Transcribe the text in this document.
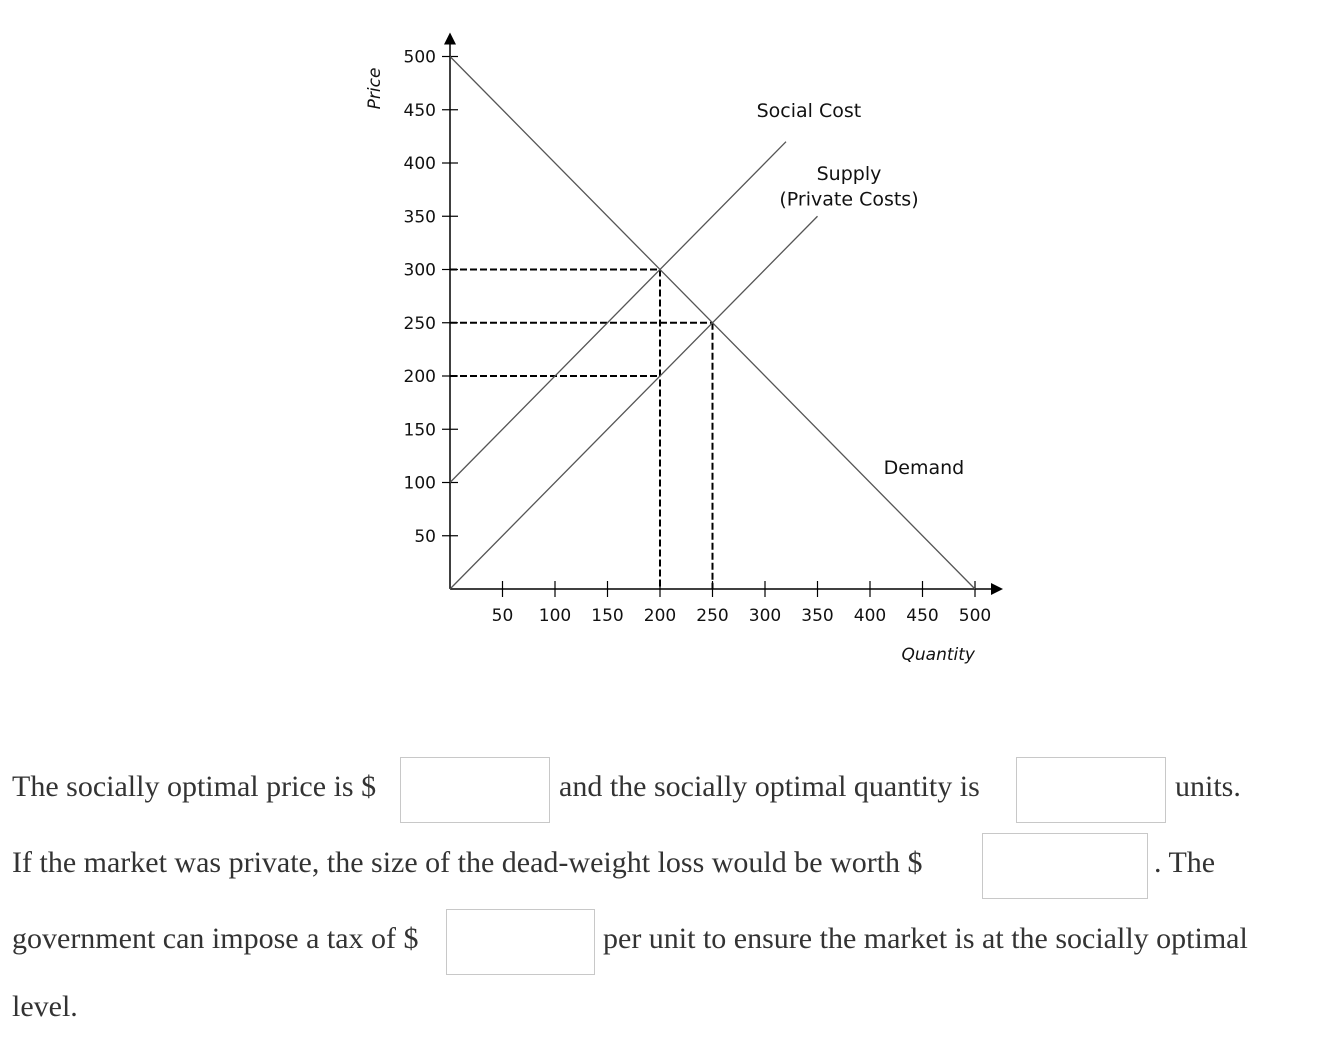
50 100 150 200 250 300 350 400 450 500
50
100
150
200
250
300
350
400
450
500
Quantity
Price
Social Cost
Supply
(Private Costs)
Demand
The socially optimal price is $	and the socially optimal quantity is	units.
If the market was private, the size of the dead-weight loss would be worth $	. The
government can impose a tax of $	per unit to ensure the market is at the socially optimal
level.
